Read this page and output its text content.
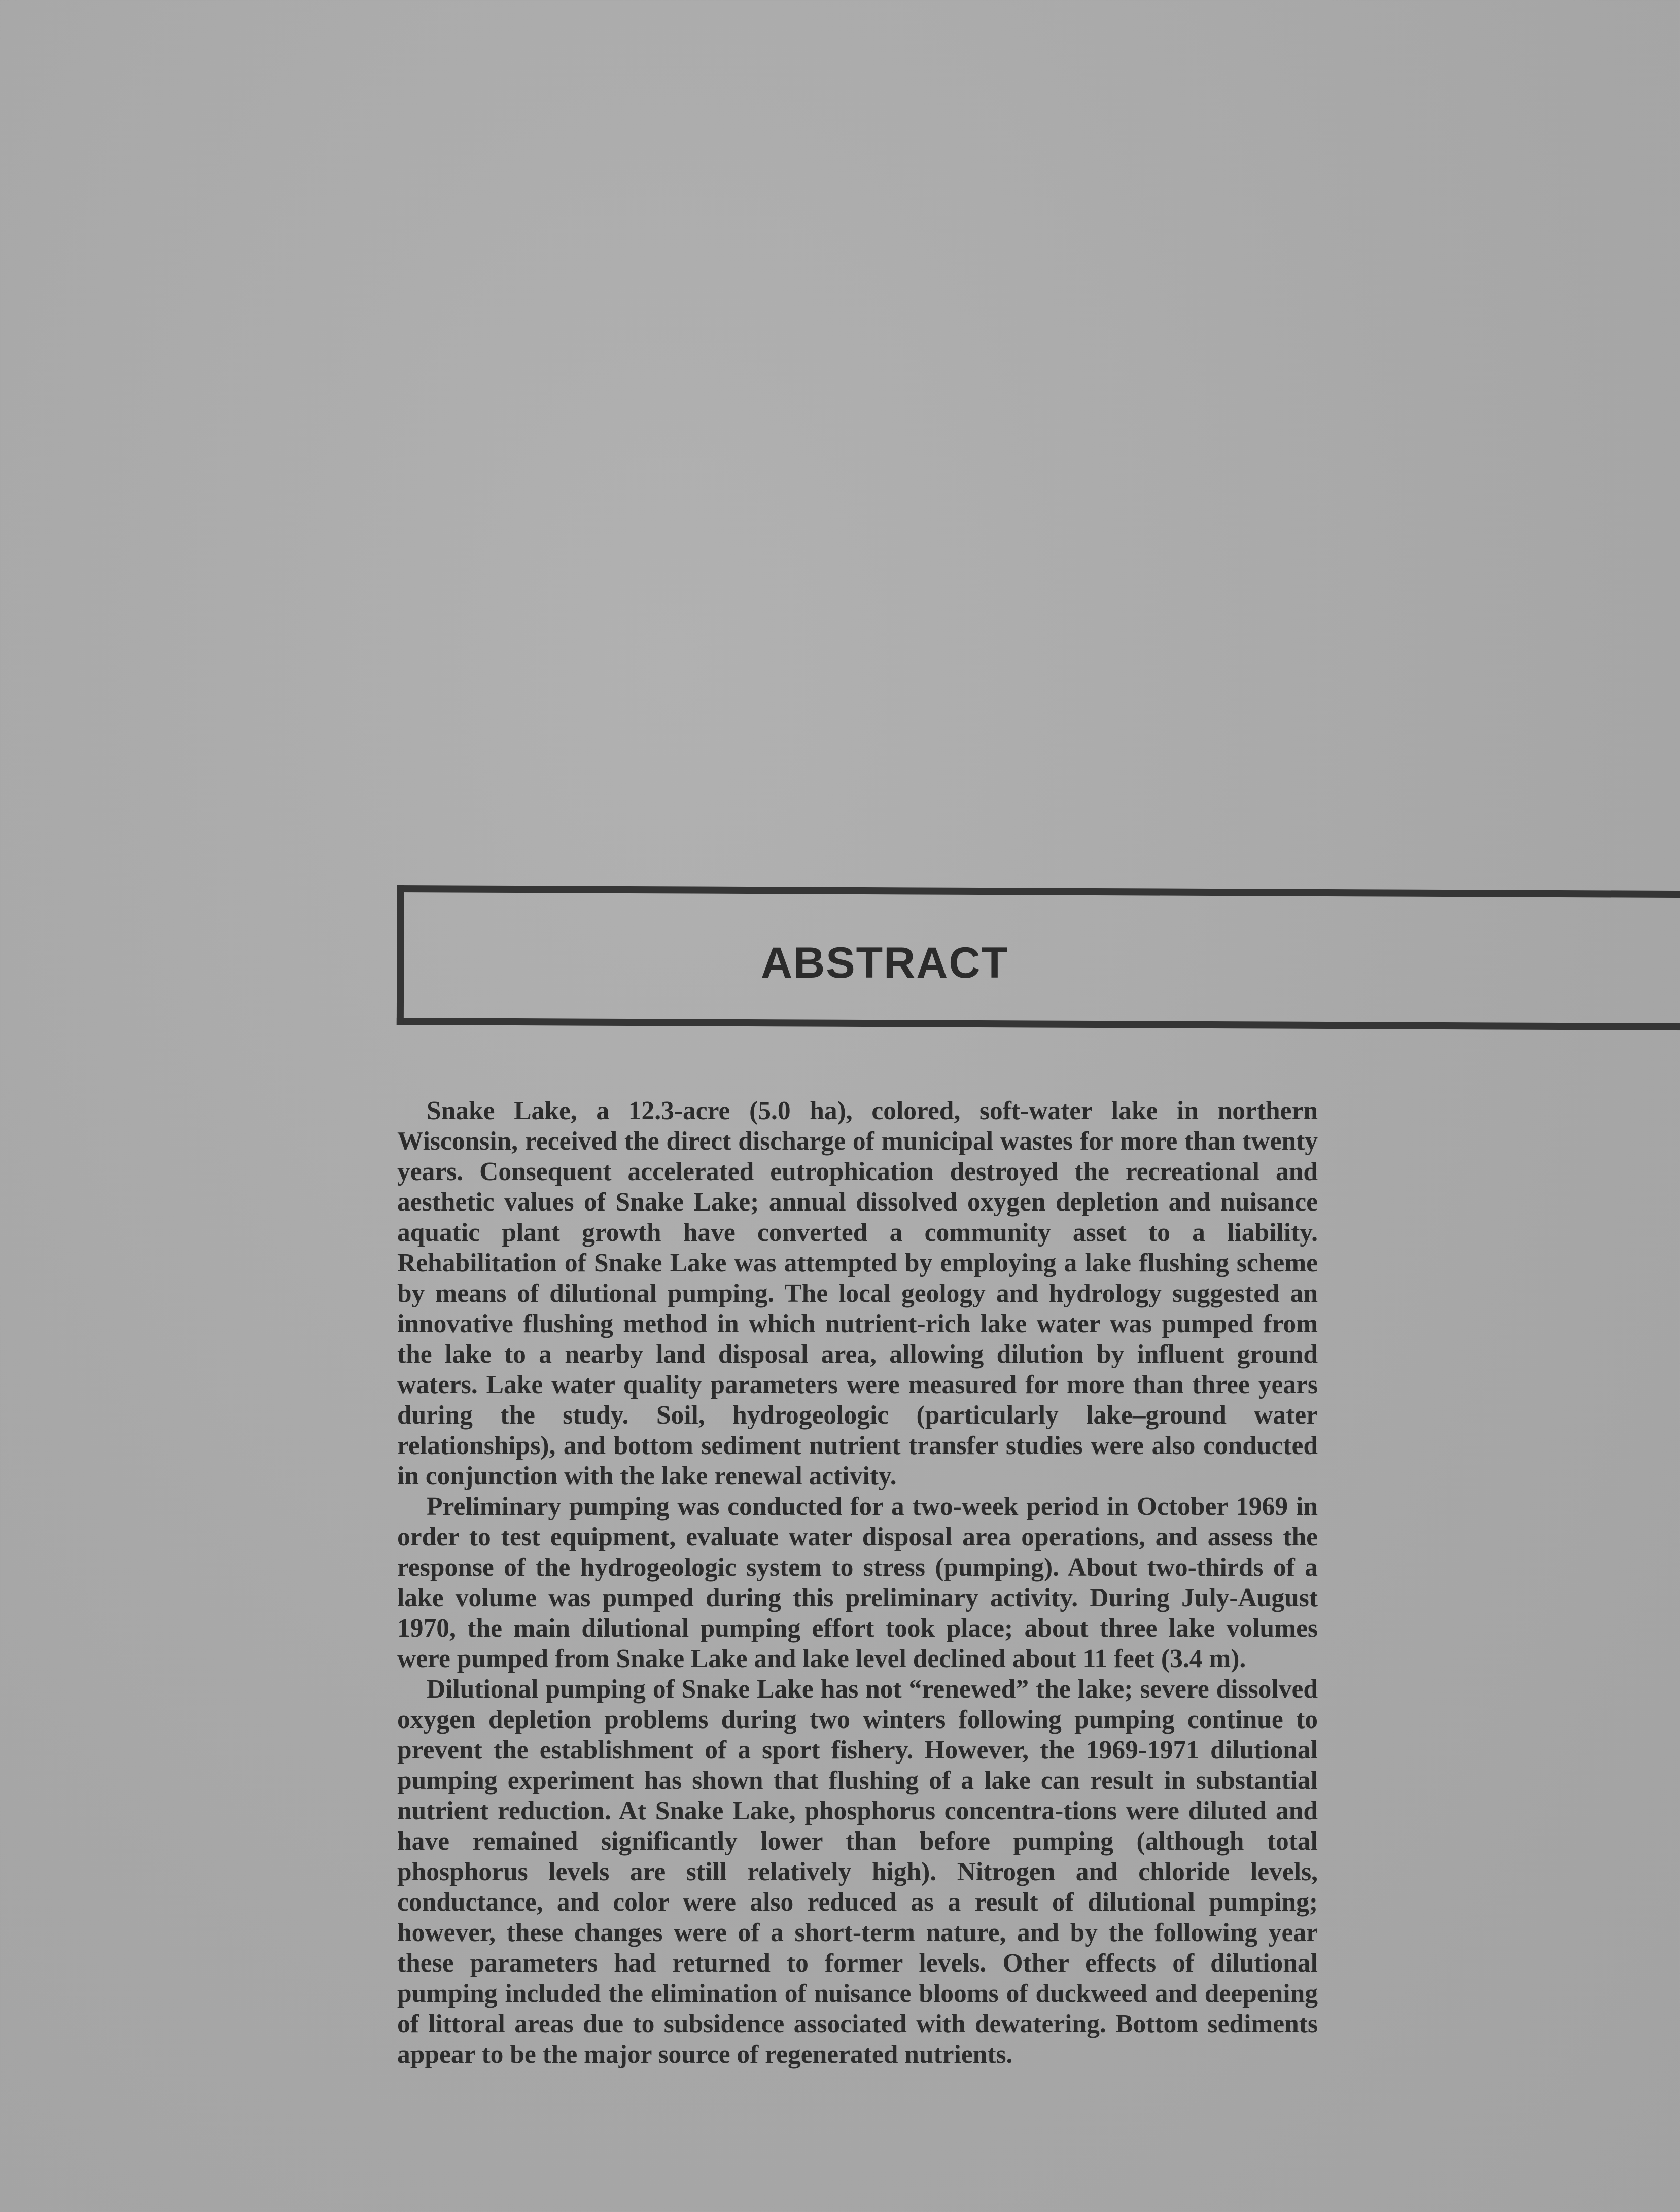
ABSTRACT

Snake Lake, a 12.3-acre (5.0 ha), colored, soft-water lake in northern Wisconsin, received the direct discharge of municipal wastes for more than twenty years. Consequent accelerated eutrophication destroyed the recreational and aesthetic values of Snake Lake; annual dissolved oxygen depletion and nuisance aquatic plant growth have converted a community asset to a liability. Rehabilitation of Snake Lake was attempted by employing a lake flushing scheme by means of dilutional pumping. The local geology and hydrology suggested an innovative flushing method in which nutrient-rich lake water was pumped from the lake to a nearby land disposal area, allowing dilution by influent ground waters. Lake water quality parameters were measured for more than three years during the study. Soil, hydrogeologic (particularly lake–ground water relationships), and bottom sediment nutrient transfer studies were also conducted in conjunction with the lake renewal activity.

Preliminary pumping was conducted for a two-week period in October 1969 in order to test equipment, evaluate water disposal area operations, and assess the response of the hydrogeologic system to stress (pumping). About two-thirds of a lake volume was pumped during this preliminary activity. During July-August 1970, the main dilutional pumping effort took place; about three lake volumes were pumped from Snake Lake and lake level declined about 11 feet (3.4 m).

Dilutional pumping of Snake Lake has not “renewed” the lake; severe dissolved oxygen depletion problems during two winters following pumping continue to prevent the establishment of a sport fishery. However, the 1969-1971 dilutional pumping experiment has shown that flushing of a lake can result in substantial nutrient reduction. At Snake Lake, phosphorus concentra-tions were diluted and have remained significantly lower than before pumping (although total phosphorus levels are still relatively high). Nitrogen and chloride levels, conductance, and color were also reduced as a result of dilutional pumping; however, these changes were of a short-term nature, and by the following year these parameters had returned to former levels. Other effects of dilutional pumping included the elimination of nuisance blooms of duckweed and deepening of littoral areas due to subsidence associated with dewatering. Bottom sediments appear to be the major source of regenerated nutrients.
